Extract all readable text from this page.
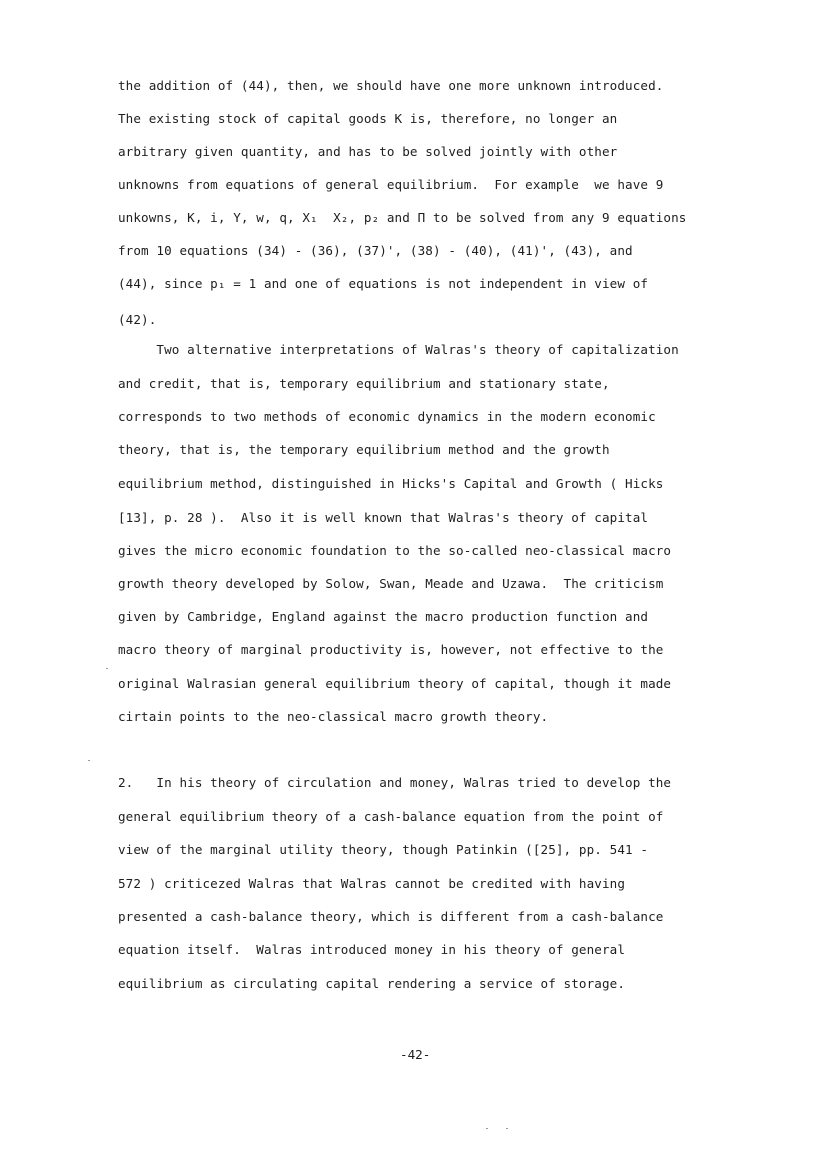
the addition of (44), then, we should have one more unknown introduced.
The existing stock of capital goods K is, therefore, no longer an
arbitrary given quantity, and has to be solved jointly with other
unknowns from equations of general equilibrium.  For example  we have 9
unkowns, K, i, Y, w, q, X₁  X₂, p₂ and Π to be solved from any 9 equations
from 10 equations (34) - (36), (37)', (38) - (40), (41)', (43), and
(44), since p₁ = 1 and one of equations is not independent in view of
(42).
Two alternative interpretations of Walras's theory of capitalization
and credit, that is, temporary equilibrium and stationary state,
corresponds to two methods of economic dynamics in the modern economic
theory, that is, the temporary equilibrium method and the growth
equilibrium method, distinguished in Hicks's Capital and Growth ( Hicks
[13], p. 28 ).  Also it is well known that Walras's theory of capital
gives the micro economic foundation to the so-called neo-classical macro
growth theory developed by Solow, Swan, Meade and Uzawa.  The criticism
given by Cambridge, England against the macro production function and
macro theory of marginal productivity is, however, not effective to the
original Walrasian general equilibrium theory of capital, though it made
cirtain points to the neo-classical macro growth theory.
2.   In his theory of circulation and money, Walras tried to develop the
general equilibrium theory of a cash-balance equation from the point of
view of the marginal utility theory, though Patinkin ([25], pp. 541 -
572 ) criticezed Walras that Walras cannot be credited with having
presented a cash-balance theory, which is different from a cash-balance
equation itself.  Walras introduced money in his theory of general
equilibrium as circulating capital rendering a service of storage.
-42-
